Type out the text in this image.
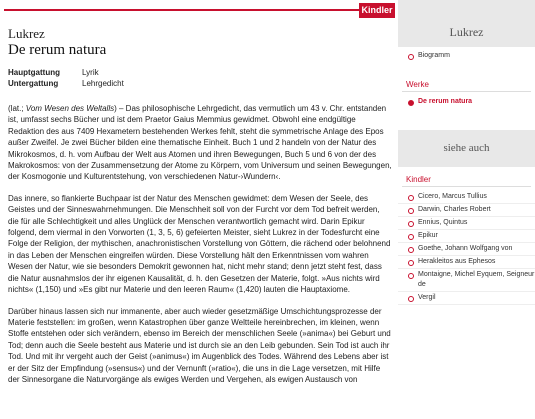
Kindler
Lukrez
De rerum natura
Hauptgattung	Lyrik
Untergattung	Lehrgedicht
(lat.; Vom Wesen des Weltalls) – Das philosophische Lehrgedicht, das vermutlich um 43 v. Chr. entstanden ist, umfasst sechs Bücher und ist dem Praetor Gaius Memmius gewidmet. Obwohl eine endgültige Redaktion des aus 7409 Hexametern bestehenden Werkes fehlt, steht die symmetrische Anlage des Epos außer Zweifel. Je zwei Bücher bilden eine thematische Einheit. Buch 1 und 2 handeln von der Natur des Mikrokosmos, d. h. vom Aufbau der Welt aus Atomen und ihren Bewegungen, Buch 5 und 6 von der des Makrokosmos: von der Zusammensetzung der Atome zu Körpern, vom Universum und seinen Bewegungen, der Kosmogonie und Kulturentstehung, von verschiedenen Natur-›Wundern‹.
Das innere, so flankierte Buchpaar ist der Natur des Menschen gewidmet: dem Wesen der Seele, des Geistes und der Sinneswahrnehmungen. Die Menschheit soll von der Furcht vor dem Tod befreit werden, die für alle Schlechtigkeit und alles Unglück der Menschen verantwortlich gemacht wird. Darin Epikur folgend, dem viermal in den Vorworten (1, 3, 5, 6) gefeierten Meister, sieht Lukrez in der Todesfurcht eine Folge der Religion, der mythischen, anachronistischen Vorstellung von Göttern, die rächend oder belohnend in das Leben der Menschen eingreifen würden. Diese Vorstellung hält den Erkenntnissen vom wahren Wesen der Natur, wie sie besonders Demokrit gewonnen hat, nicht mehr stand; denn jetzt steht fest, dass die Natur ausnahmslos der ihr eigenen Kausalität, d. h. den Gesetzen der Materie, folgt. »Aus nichts wird nichts« (1,150) und »Es gibt nur Materie und den leeren Raum« (1,420) lauten die Hauptaxiome.
Darüber hinaus lassen sich nur immanente, aber auch wieder gesetzmäßige Umschichtungsprozesse der Materie feststellen: im großen, wenn Katastrophen über ganze Weltteile hereinbrechen, im kleinen, wenn Stoffe entstehen oder sich verändern, ebenso im Bereich der menschlichen Seele (»anima«) bei Geburt und Tod; denn auch die Seele besteht aus Materie und ist durch sie an den Leib gebunden. Sein Tod ist auch ihr Tod. Und mit ihr vergeht auch der Geist (»animus«) im Augenblick des Todes. Während des Lebens aber ist er der Sitz der Empfindung (»sensus«) und der Vernunft (»ratio«), die uns in die Lage versetzen, mit Hilfe der Sinnesorgane die Naturvorgänge als ewiges Werden und Vergehen, als ewigen Austausch von
Lukrez
Biogramm
Werke
De rerum natura
siehe auch
Kindler
Cicero, Marcus Tullius
Darwin, Charles Robert
Ennius, Quintus
Epikur
Goethe, Johann Wolfgang von
Herakleitos aus Ephesos
Montaigne, Michel Eyquem, Seigneur de
Vergil
